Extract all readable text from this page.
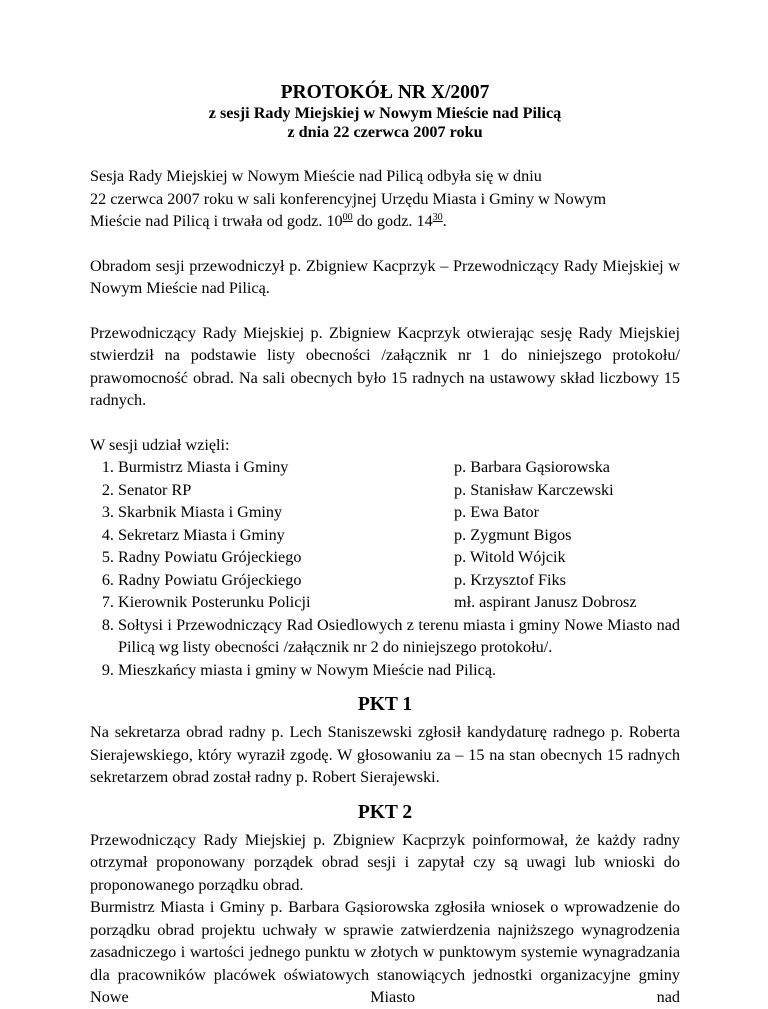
PROTOKÓŁ NR X/2007

z sesji Rady Miejskiej w Nowym Mieście nad Pilicą

z dnia 22 czerwca 2007 roku

Sesja Rady Miejskiej w Nowym Mieście nad Pilicą odbyła się w dniu

22 czerwca 2007 roku w sali konferencyjnej Urzędu Miasta i Gminy w Nowym

Mieście nad Pilicą i trwała od godz. $10^{00}$ do godz. $14^{30}$.

Obradom sesji przewodniczył p. Zbigniew Kacprzyk – Przewodniczący Rady Miejskiej w Nowym Mieście nad Pilicą.

Przewodniczący Rady Miejskiej p. Zbigniew Kacprzyk otwierając sesję Rady Miejskiej stwierdził na podstawie listy obecności /załącznik nr 1 do niniejszego protokołu/ prawomocność obrad. Na sali obecnych było 15 radnych na ustawowy skład liczbowy 15 radnych.

W sesji udział wzięli:

1. Burmistrz Miasta i Gminy	p. Barbara Gąsiorowska
2. Senator RP	p. Stanisław Karczewski
3. Skarbnik Miasta i Gminy	p. Ewa Bator
4. Sekretarz Miasta i Gminy	p. Zygmunt Bigos
5. Radny Powiatu Grójeckiego	p. Witold Wójcik
6. Radny Powiatu Grójeckiego	p. Krzysztof Fiks
7. Kierownik Posterunku Policji	mł. aspirant Janusz Dobrosz
8. Sołtysi i Przewodniczący Rad Osiedlowych z terenu miasta i gminy Nowe Miasto nad Pilicą wg listy obecności /załącznik nr 2 do niniejszego protokołu/.
9. Mieszkańcy miasta i gminy w Nowym Mieście nad Pilicą.
PKT 1

Na sekretarza obrad radny p. Lech Staniszewski zgłosił kandydaturę radnego p. Roberta Sierajewskiego, który wyraził zgodę. W głosowaniu za – 15 na stan obecnych 15 radnych sekretarzem obrad został radny p. Robert Sierajewski.

PKT 2

Przewodniczący Rady Miejskiej p. Zbigniew Kacprzyk poinformował, że każdy radny otrzymał proponowany porządek obrad sesji i zapytał czy są uwagi lub wnioski do proponowanego porządku obrad.

Burmistrz Miasta i Gminy p. Barbara Gąsiorowska zgłosiła wniosek o wprowadzenie do porządku obrad projektu uchwały w sprawie zatwierdzenia najniższego wynagrodzenia zasadniczego i wartości jednego punktu w złotych w punktowym systemie wynagradzania dla pracowników placówek oświatowych stanowiących jednostki organizacyjne gminy Nowe Miasto nad
